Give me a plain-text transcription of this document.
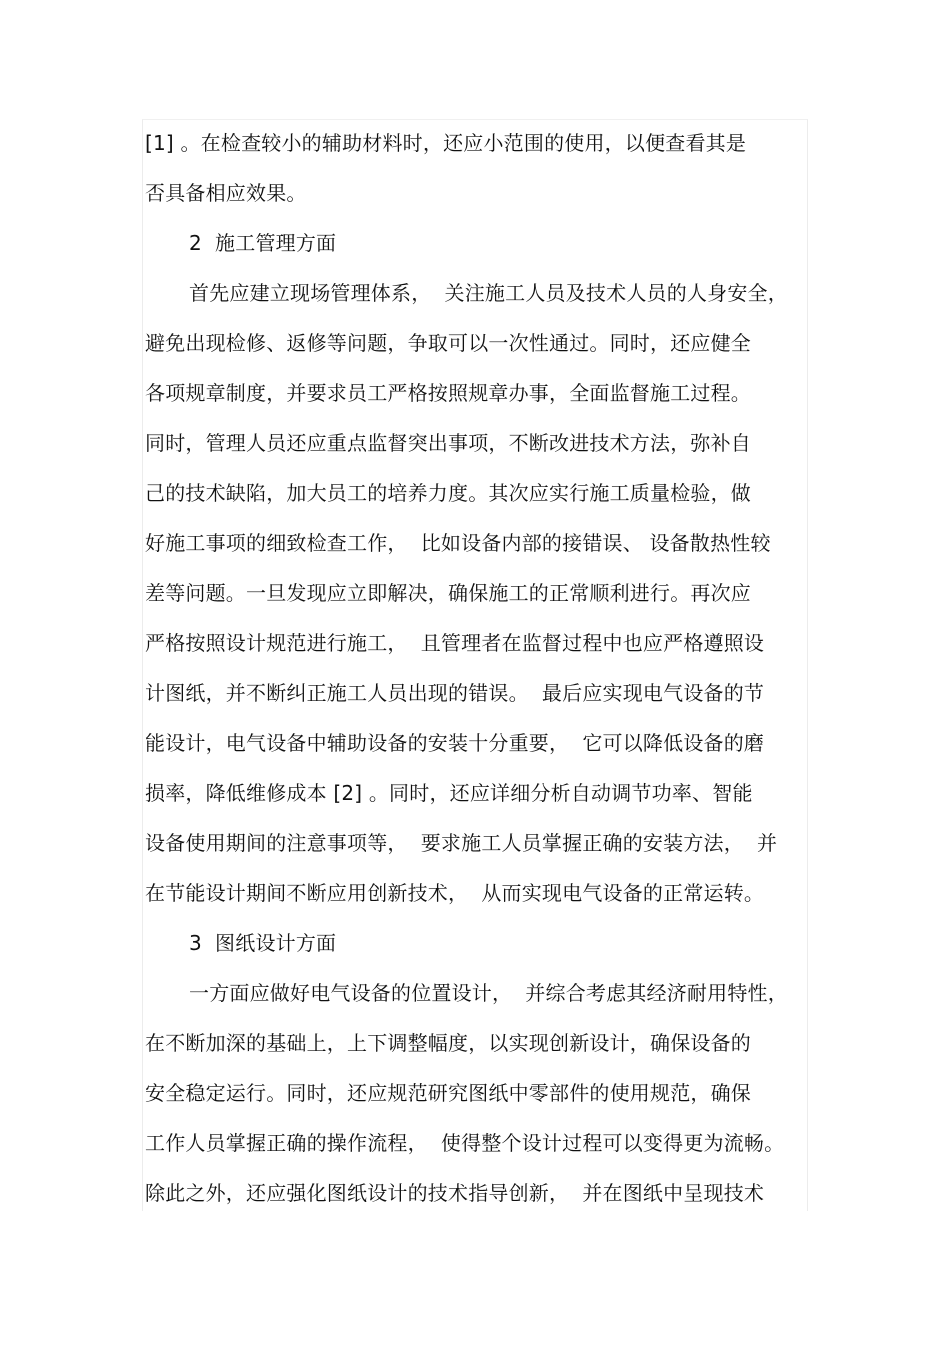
[1] 。在检查较小的辅助材料时，还应小范围的使用，以便查看其是
否具备相应效果。
2  施工管理方面
首先应建立现场管理体系，  关注施工人员及技术人员的人身安全，
避免出现检修、返修等问题，争取可以一次性通过。同时，还应健全
各项规章制度，并要求员工严格按照规章办事，全面监督施工过程。
同时，管理人员还应重点监督突出事项，不断改进技术方法，弥补自
己的技术缺陷，加大员工的培养力度。其次应实行施工质量检验，做
好施工事项的细致检查工作，  比如设备内部的接错误、 设备散热性较
差等问题。一旦发现应立即解决，确保施工的正常顺利进行。再次应
严格按照设计规范进行施工，  且管理者在监督过程中也应严格遵照设
计图纸，并不断纠正施工人员出现的错误。  最后应实现电气设备的节
能设计，电气设备中辅助设备的安装十分重要，  它可以降低设备的磨
损率，降低维修成本 [2] 。同时，还应详细分析自动调节功率、智能
设备使用期间的注意事项等，  要求施工人员掌握正确的安装方法，  并
在节能设计期间不断应用创新技术，  从而实现电气设备的正常运转。
3  图纸设计方面
一方面应做好电气设备的位置设计，  并综合考虑其经济耐用特性，
在不断加深的基础上，上下调整幅度，以实现创新设计，确保设备的
安全稳定运行。同时，还应规范研究图纸中零部件的使用规范，确保
工作人员掌握正确的操作流程，  使得整个设计过程可以变得更为流畅。
除此之外，还应强化图纸设计的技术指导创新，  并在图纸中呈现技术
